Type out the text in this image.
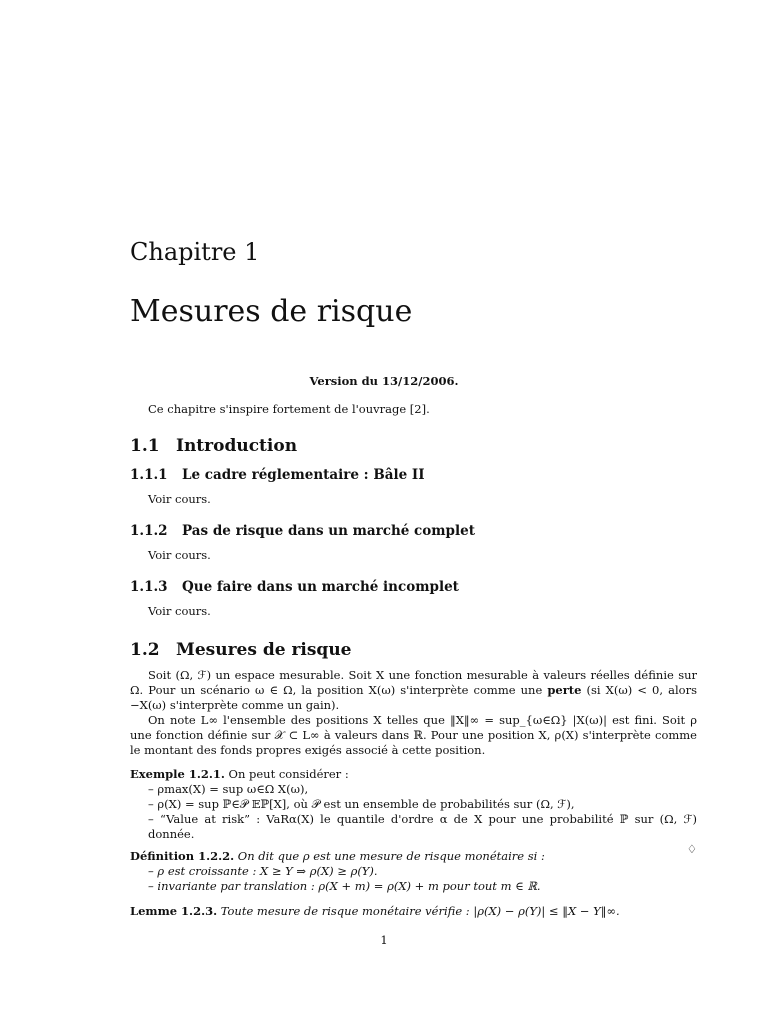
Chapitre 1
Mesures de risque
Version du 13/12/2006.
Ce chapitre s'inspire fortement de l'ouvrage [2].
1.1 Introduction
1.1.1 Le cadre réglementaire : Bâle II
Voir cours.
1.1.2 Pas de risque dans un marché complet
Voir cours.
1.1.3 Que faire dans un marché incomplet
Voir cours.
1.2 Mesures de risque
Soit (Ω, ℱ) un espace mesurable. Soit X une fonction mesurable à valeurs réelles définie sur Ω. Pour un scénario ω ∈ Ω, la position X(ω) s'interprète comme une perte (si X(ω) < 0, alors −X(ω) s'interprète comme un gain).
On note L∞ l'ensemble des positions X telles que ‖X‖∞ = sup_{ω∈Ω} |X(ω)| est fini. Soit ρ une fonction définie sur 𝒳 ⊂ L∞ à valeurs dans ℝ. Pour une position X, ρ(X) s'interprète comme le montant des fonds propres exigés associé à cette position.
Exemple 1.2.1. On peut considérer :
– ρmax(X) = sup ω∈Ω X(ω),
– ρ(X) = sup ℙ∈𝒫 𝔼ℙ[X], où 𝒫 est un ensemble de probabilités sur (Ω, ℱ),
– “Value at risk” : VaRα(X) le quantile d'ordre α de X pour une probabilité ℙ sur (Ω, ℱ) donnée.
♢
Définition 1.2.2. On dit que ρ est une mesure de risque monétaire si :
– ρ est croissante : X ≥ Y ⇒ ρ(X) ≥ ρ(Y).
– invariante par translation : ρ(X + m) = ρ(X) + m pour tout m ∈ ℝ.
Lemme 1.2.3. Toute mesure de risque monétaire vérifie : |ρ(X) − ρ(Y)| ≤ ‖X − Y‖∞.
1
